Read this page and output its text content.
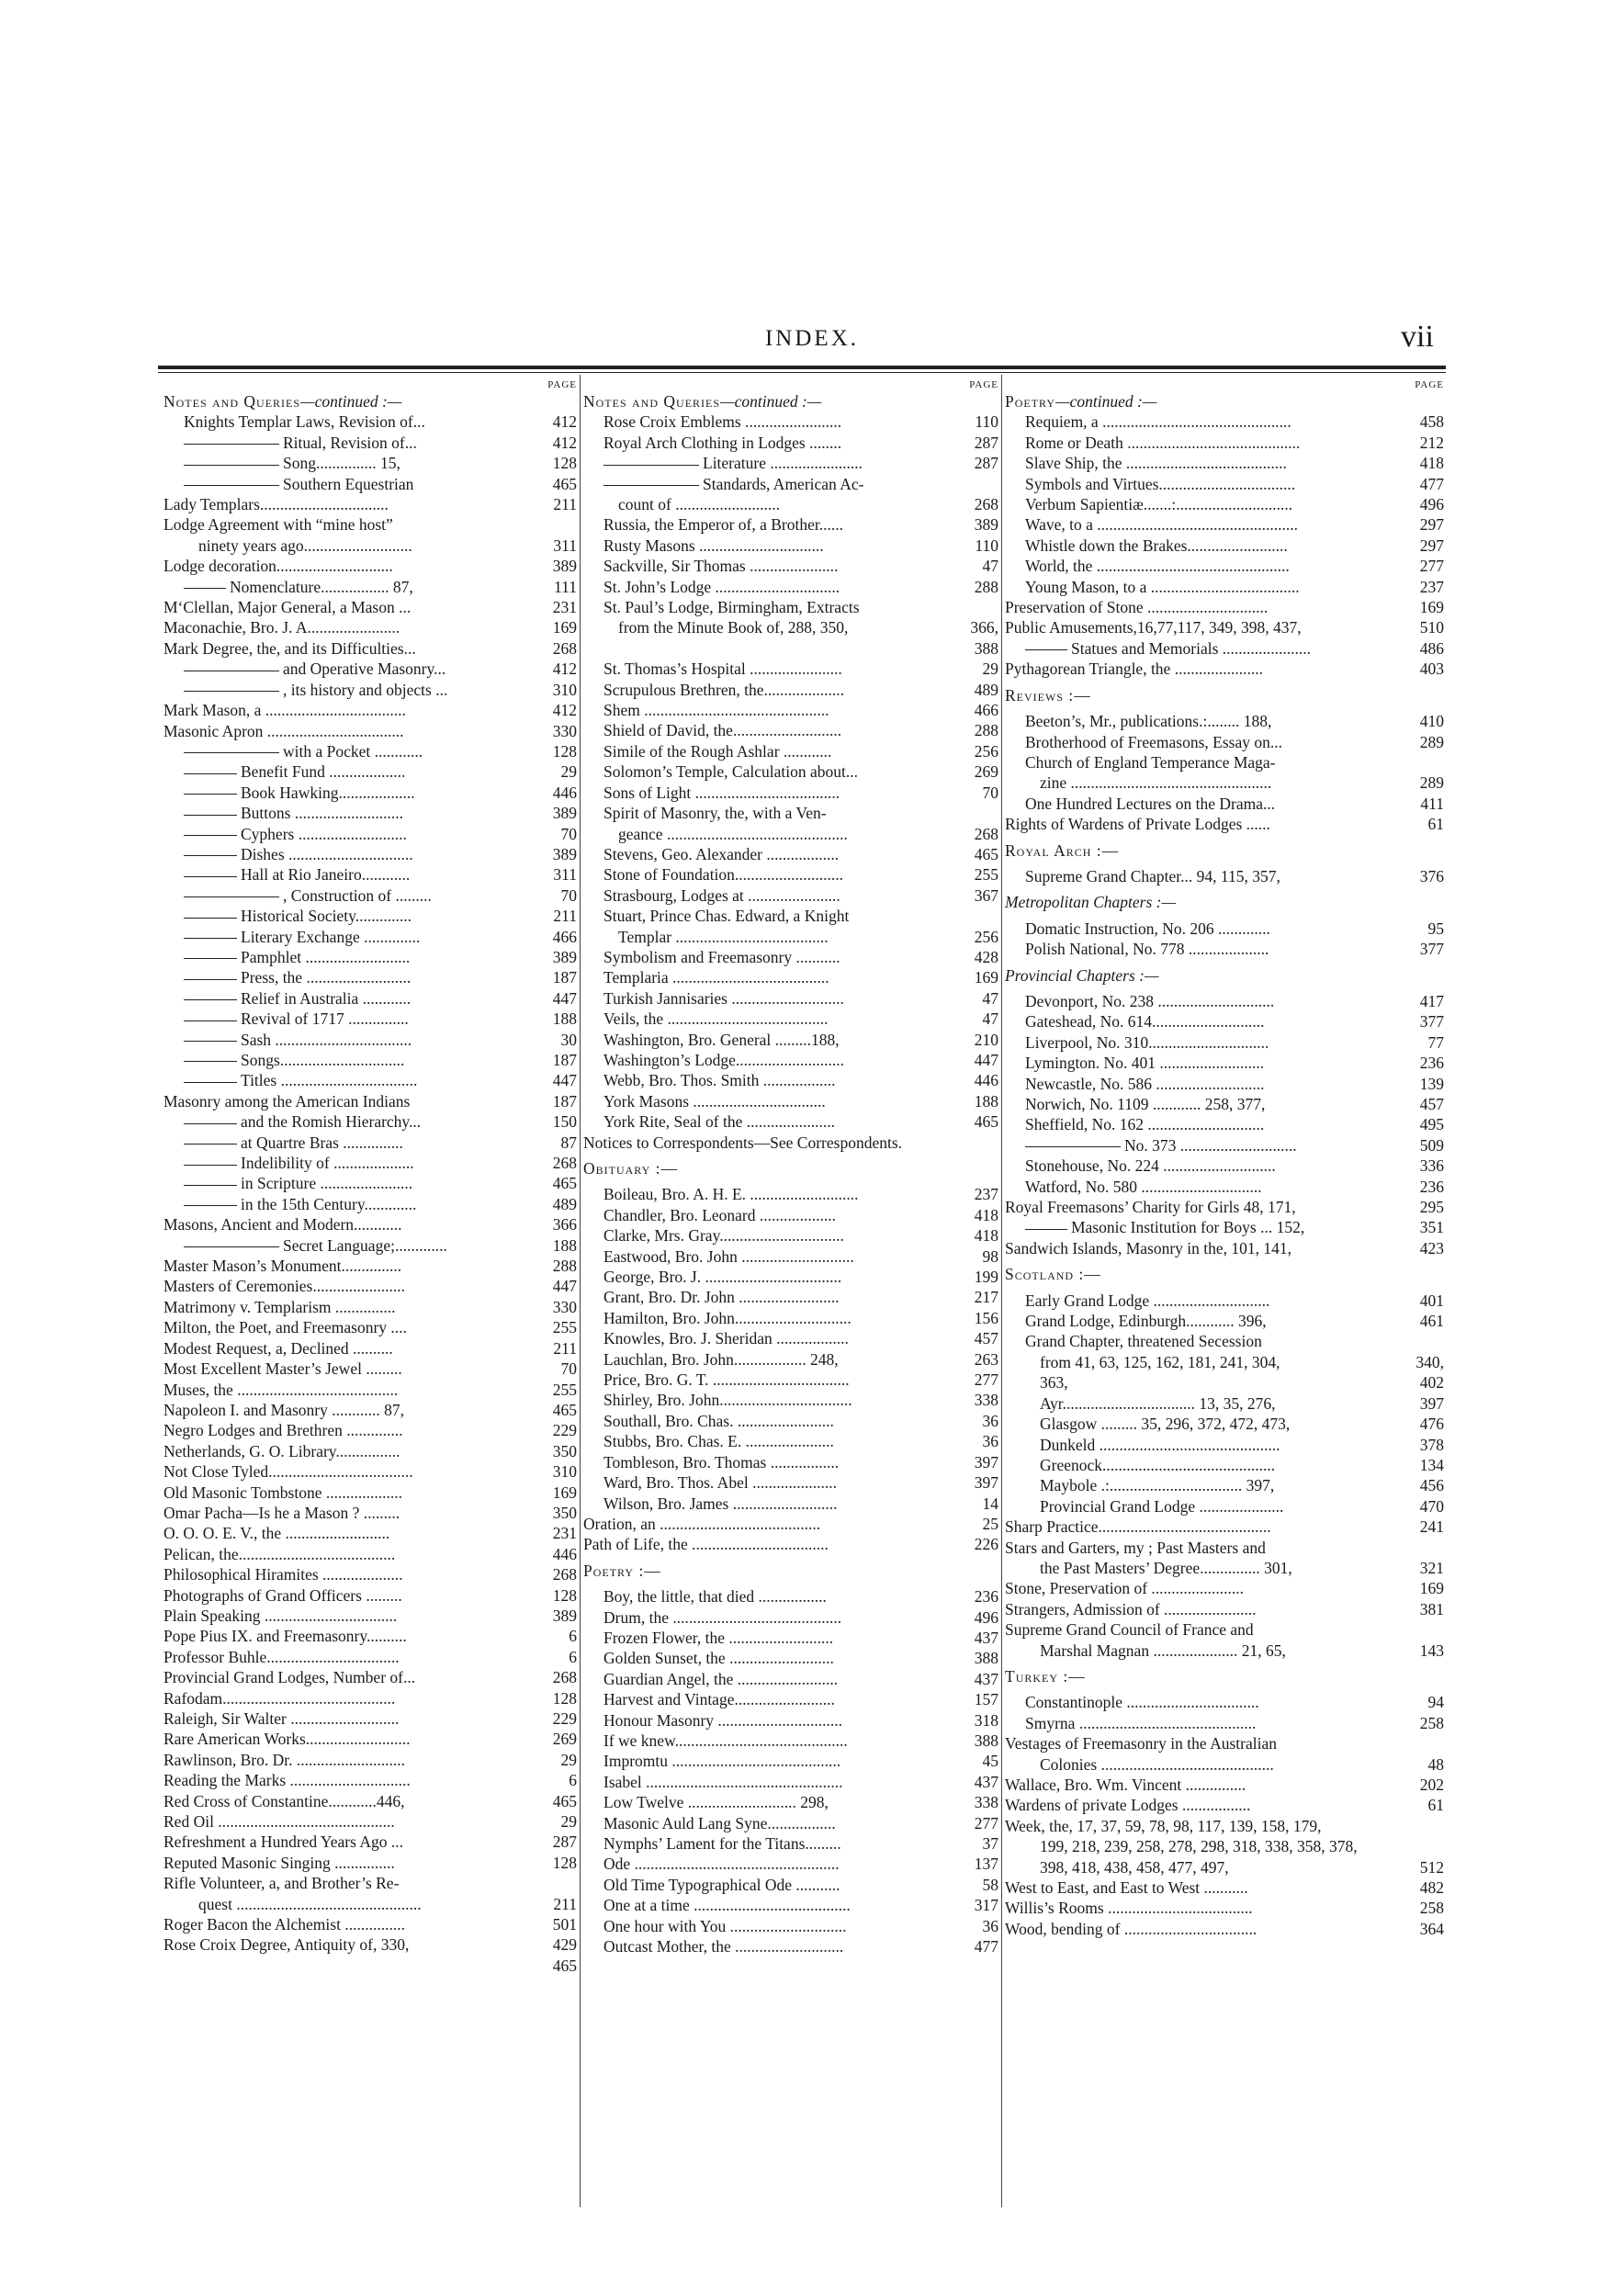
INDEX.	vii
PAGE
Notes and Queries—continued :—
Knights Templar Laws, Revision of...	412
Ritual, Revision of...	412
Song............... 15,	128
Southern Equestrian	465
Lady Templars................................	211
Lodge Agreement with “mine host”
ninety years ago...........................	311
Lodge decoration.............................	389
Nomenclature................. 87,	111
M‘Clellan, Major General, a Mason ...	231
Maconachie, Bro. J. A.......................	169
Mark Degree, the, and its Difficulties...	268
and Operative Masonry...	412
, its history and objects ...	310
Mark Mason, a ...................................	412
Masonic Apron ..................................	330
with a Pocket ............	128
Benefit Fund ...................	29
Book Hawking...................	446
Buttons ...........................	389
Cyphers ...........................	70
Dishes ...............................	389
Hall at Rio Janeiro............	311
, Construction of .........	70
Historical Society..............	211
Literary Exchange ..............	466
Pamphlet ..........................	389
Press, the ..........................	187
Relief in Australia ............	447
Revival of 1717 ...............	188
Sash ..................................	30
Songs...............................	187
Titles ..................................	447
Masonry among the American Indians	187
and the Romish Hierarchy...	150
at Quartre Bras ...............	87
Indelibility of ....................	268
in Scripture .......................	465
in the 15th Century.............	489
Masons, Ancient and Modern............	366
Secret Language;.............	188
Master Mason’s Monument...............	288
Masters of Ceremonies.......................	447
Matrimony v. Templarism ...............	330
Milton, the Poet, and Freemasonry ....	255
Modest Request, a, Declined ..........	211
Most Excellent Master’s Jewel .........	70
Muses, the ........................................	255
Napoleon I. and Masonry ............ 87,	465
Negro Lodges and Brethren ..............	229
Netherlands, G. O. Library................	350
Not Close Tyled....................................	310
Old Masonic Tombstone ...................	169
Omar Pacha—Is he a Mason ? .........	350
O. O. O. E. V., the ..........................	231
Pelican, the.......................................	446
Philosophical Hiramites ....................	268
Photographs of Grand Officers .........	128
Plain Speaking .................................	389
Pope Pius IX. and Freemasonry..........	6
Professor Buhle.................................	6
Provincial Grand Lodges, Number of...	268
Rafodam...........................................	128
Raleigh, Sir Walter ...........................	229
Rare American Works..........................	269
Rawlinson, Bro. Dr. ...........................	29
Reading the Marks ..............................	6
Red Cross of Constantine............446,	465
Red Oil ............................................	29
Refreshment a Hundred Years Ago ...	287
Reputed Masonic Singing ...............	128
Rifle Volunteer, a, and Brother’s Re-
quest ..............................................	211
Roger Bacon the Alchemist ...............	501
Rose Croix Degree, Antiquity of, 330,	429
465
PAGE
Notes and Queries—continued :—
Rose Croix Emblems ........................	110
Royal Arch Clothing in Lodges ........	287
Literature .......................	287
Standards, American Ac-
count of ..........................	268
Russia, the Emperor of, a Brother......	389
Rusty Masons ...............................	110
Sackville, Sir Thomas ......................	47
St. John’s Lodge ...............................	288
St. Paul’s Lodge, Birmingham, Extracts
from the Minute Book of, 288, 350,	366,
388
St. Thomas’s Hospital .......................	29
Scrupulous Brethren, the....................	489
Shem ..............................................	466
Shield of David, the...........................	288
Simile of the Rough Ashlar ............	256
Solomon’s Temple, Calculation about...	269
Sons of Light ....................................	70
Spirit of Masonry, the, with a Ven-
geance .............................................	268
Stevens, Geo. Alexander ..................	465
Stone of Foundation...........................	255
Strasbourg, Lodges at .......................	367
Stuart, Prince Chas. Edward, a Knight
Templar ......................................	256
Symbolism and Freemasonry ...........	428
Templaria .......................................	169
Turkish Jannisaries ............................	47
Veils, the ........................................	47
Washington, Bro. General .........188,	210
Washington’s Lodge...........................	447
Webb, Bro. Thos. Smith ..................	446
York Masons .................................	188
York Rite, Seal of the ......................	465
Notices to Correspondents—See Correspondents.
Obituary :—
Boileau, Bro. A. H. E. ...........................	237
Chandler, Bro. Leonard ...................	418
Clarke, Mrs. Gray...............................	418
Eastwood, Bro. John ............................	98
George, Bro. J. ..................................	199
Grant, Bro. Dr. John .........................	217
Hamilton, Bro. John.............................	156
Knowles, Bro. J. Sheridan ..................	457
Lauchlan, Bro. John.................. 248,	263
Price, Bro. G. T. ..................................	277
Shirley, Bro. John.................................	338
Southall, Bro. Chas. ........................	36
Stubbs, Bro. Chas. E. ......................	36
Tombleson, Bro. Thomas .................	397
Ward, Bro. Thos. Abel .....................	397
Wilson, Bro. James ..........................	14
Oration, an ........................................	25
Path of Life, the ..................................	226
Poetry :—
Boy, the little, that died .................	236
Drum, the ..........................................	496
Frozen Flower, the ..........................	437
Golden Sunset, the ..........................	388
Guardian Angel, the .........................	437
Harvest and Vintage.........................	157
Honour Masonry ...............................	318
If we knew...........................................	388
Impromtu ..........................................	45
Isabel .................................................	437
Low Twelve ........................... 298,	338
Masonic Auld Lang Syne.................	277
Nymphs’ Lament for the Titans.........	37
Ode ...................................................	137
Old Time Typographical Ode ...........	58
One at a time .......................................	317
One hour with You .............................	36
Outcast Mother, the ...........................	477
PAGE
Poetry—continued :—
Requiem, a ...............................................	458
Rome or Death ...........................................	212
Slave Ship, the ........................................	418
Symbols and Virtues..................................	477
Verbum Sapientiæ.......:.............................	496
Wave, to a ..................................................	297
Whistle down the Brakes.........................	297
World, the ................................................	277
Young Mason, to a .....................................	237
Preservation of Stone ..............................	169
Public Amusements,16,77,117, 349, 398, 437,	510
Statues and Memorials ......................	486
Pythagorean Triangle, the ......................	403
Reviews :—
Beeton’s, Mr., publications.:........ 188,	410
Brotherhood of Freemasons, Essay on...	289
Church of England Temperance Maga-
zine ..................................................	289
One Hundred Lectures on the Drama...	411
Rights of Wardens of Private Lodges ......	61
Royal Arch :—
Supreme Grand Chapter... 94, 115, 357,	376
Metropolitan Chapters :—
Domatic Instruction, No. 206 .............	95
Polish National, No. 778 ....................	377
Provincial Chapters :—
Devonport, No. 238 .............................	417
Gateshead, No. 614............................	377
Liverpool, No. 310..............................	77
Lymington. No. 401 ..........................	236
Newcastle, No. 586 ...........................	139
Norwich, No. 1109 ............ 258, 377,	457
Sheffield, No. 162 .............................	495
No. 373 .............................	509
Stonehouse, No. 224 ............................	336
Watford, No. 580 ..............................	236
Royal Freemasons’ Charity for Girls 48, 171,	295
Masonic Institution for Boys ... 152,	351
Sandwich Islands, Masonry in the, 101, 141,	423
Scotland :—
Early Grand Lodge .............................	401
Grand Lodge, Edinburgh............ 396,	461
Grand Chapter, threatened Secession
from 41, 63, 125, 162, 181, 241, 304,	340,
363,	402
Ayr................................. 13, 35, 276,	397
Glasgow ......... 35, 296, 372, 472, 473,	476
Dunkeld .............................................	378
Greenock...........................................	134
Maybole .:................................. 397,	456
Provincial Grand Lodge .....................	470
Sharp Practice...........................................	241
Stars and Garters, my ; Past Masters and
the Past Masters’ Degree............... 301,	321
Stone, Preservation of .......................	169
Strangers, Admission of .......................	381
Supreme Grand Council of France and
Marshal Magnan ..................... 21, 65,	143
Turkey :—
Constantinople .................................	94
Smyrna ............................................	258
Vestages of Freemasonry in the Australian
Colonies ...........................................	48
Wallace, Bro. Wm. Vincent ...............	202
Wardens of private Lodges .................	61
Week, the, 17, 37, 59, 78, 98, 117, 139, 158, 179,
199, 218, 239, 258, 278, 298, 318, 338, 358, 378,
398, 418, 438, 458, 477, 497,	512
West to East, and East to West ...........	482
Willis’s Rooms ....................................	258
Wood, bending of .................................	364
